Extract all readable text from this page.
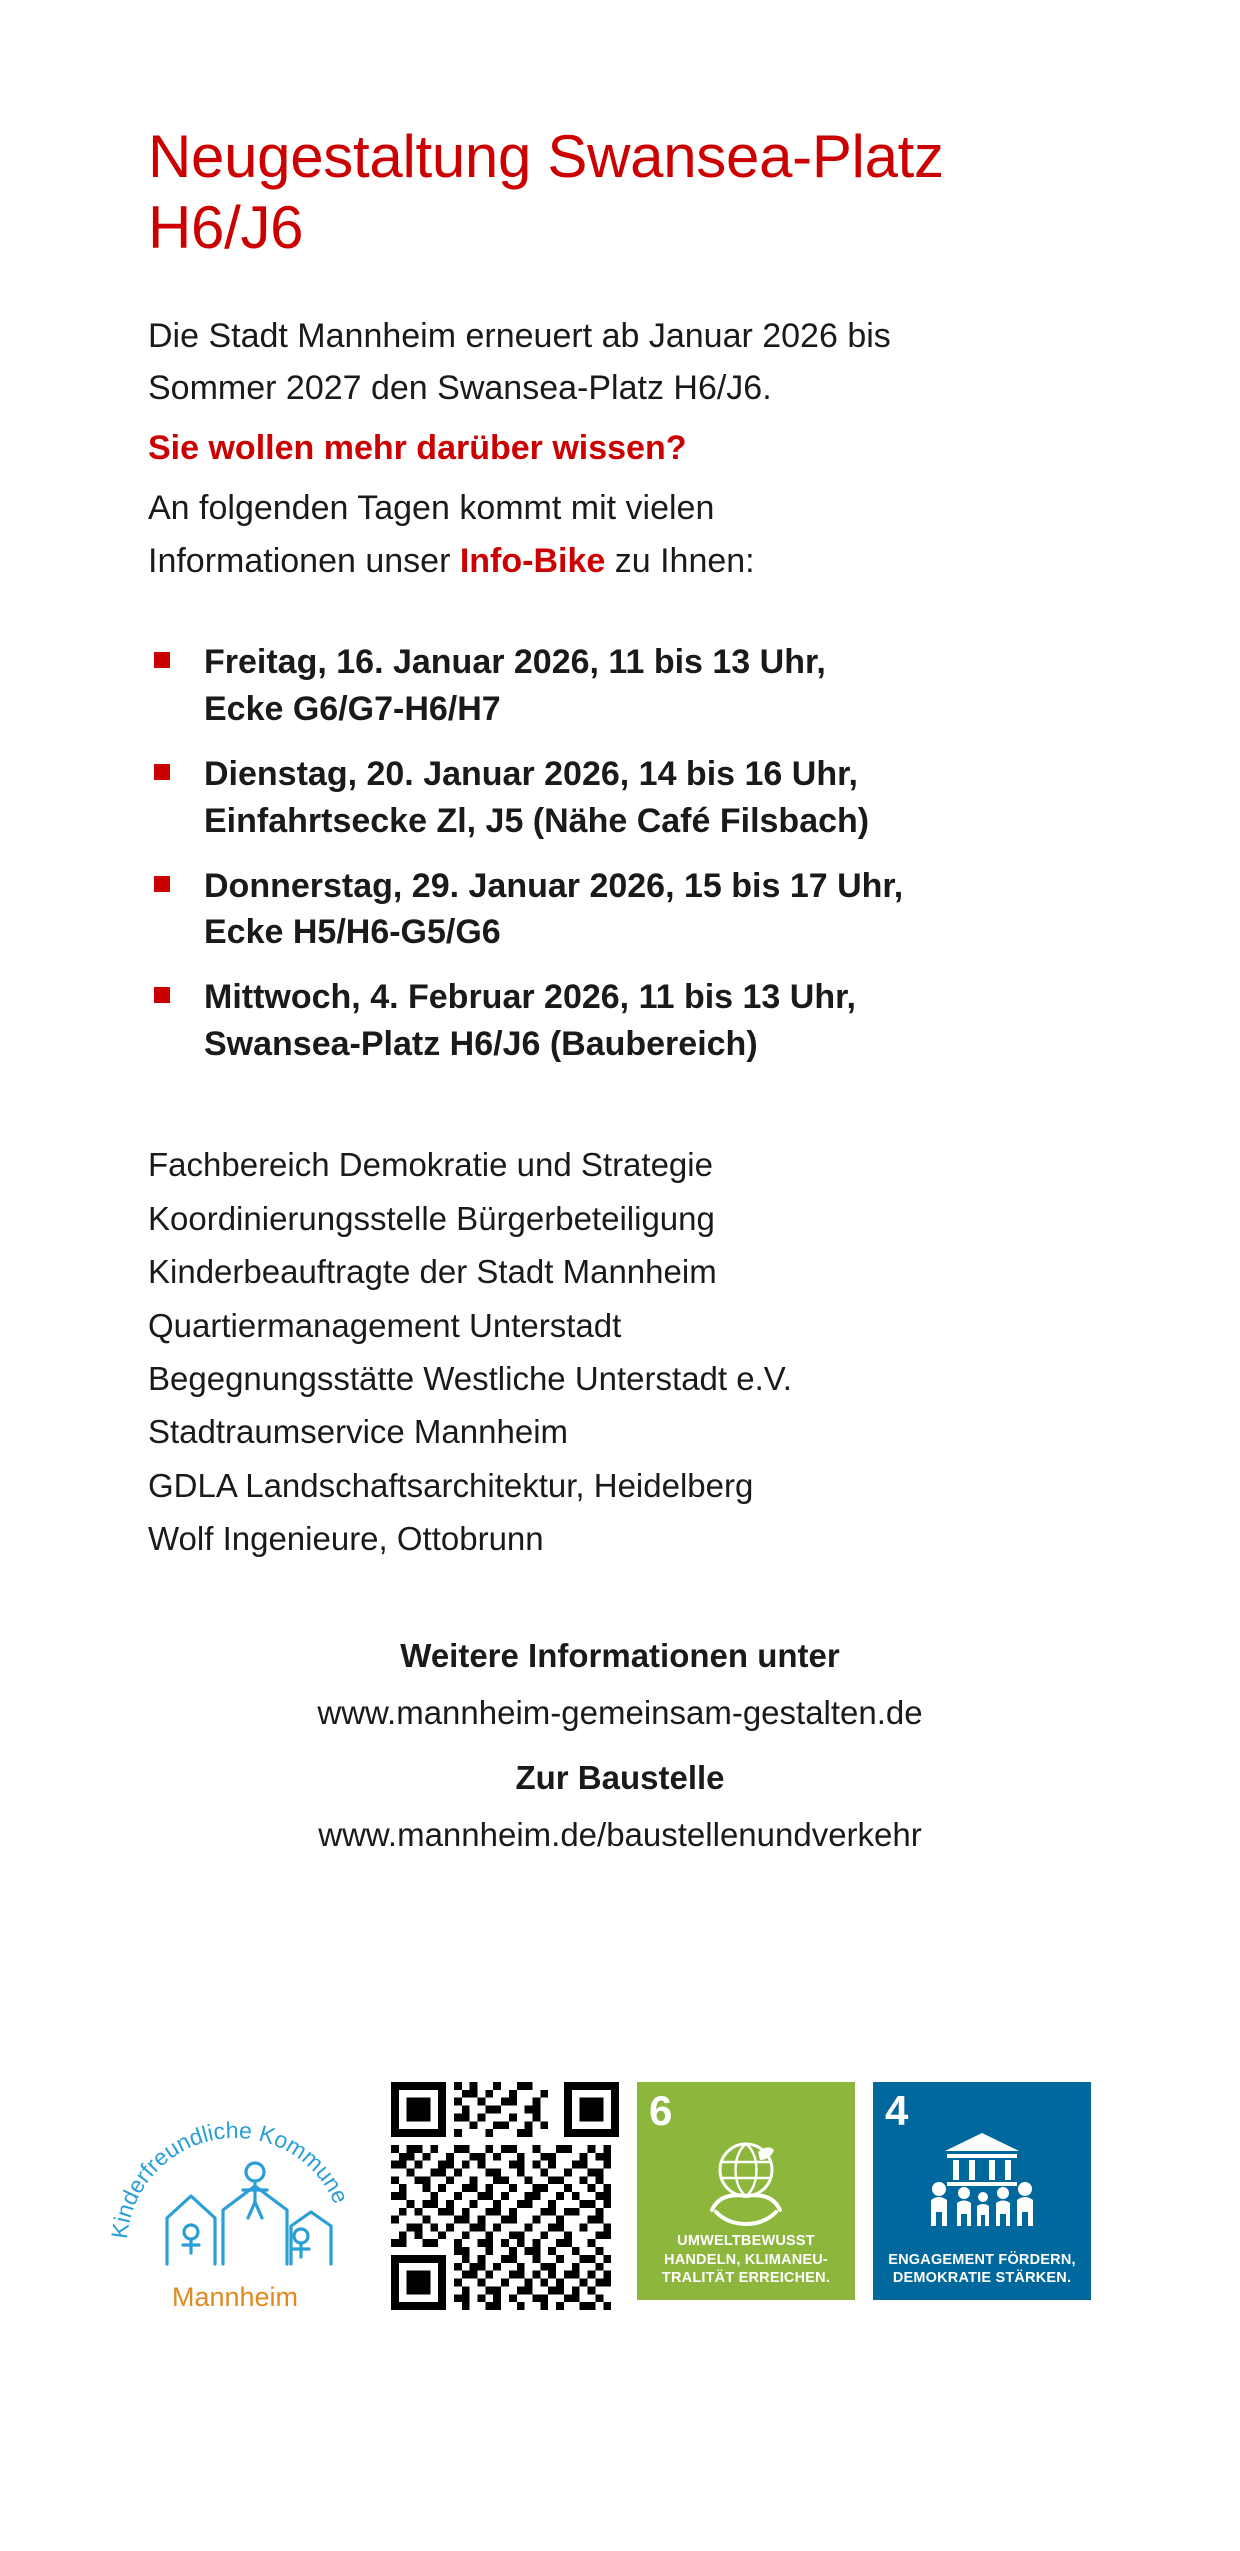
Neugestaltung Swansea-Platz
H6/J6

Die Stadt Mannheim erneuert ab Januar 2026 bis

Sommer 2027 den Swansea-Platz H6/J6.

Sie wollen mehr darüber wissen?

An folgenden Tagen kommt mit vielen

Informationen unser Info-Bike zu Ihnen:

Freitag, 16. Januar 2026, 11 bis 13 Uhr,
Ecke G6/G7-H6/H7
Dienstag, 20. Januar 2026, 14 bis 16 Uhr,
Einfahrtsecke Zl, J5 (Nähe Café Filsbach)
Donnerstag, 29. Januar 2026, 15 bis 17 Uhr,
Ecke H5/H6-G5/G6
Mittwoch, 4. Februar 2026, 11 bis 13 Uhr,
Swansea-Platz H6/J6 (Baubereich)
Fachbereich Demokratie und Strategie
Koordinierungsstelle Bürgerbeteiligung
Kinderbeauftragte der Stadt Mannheim
Quartiermanagement Unterstadt
Begegnungsstätte Westliche Unterstadt e.V.
Stadtraumservice Mannheim
GDLA Landschaftsarchitektur, Heidelberg
Wolf Ingenieure, Ottobrunn
Weitere Informationen unter
www.mannheim-gemeinsam-gestalten.de
Zur Baustelle
www.mannheim.de/baustellenundverkehr
Kinderfreundliche Kommune
Mannheim
6
UMWELTBEWUSST
HANDELN, KLIMANEU-
TRALITÄT ERREICHEN.
4
ENGAGEMENT FÖRDERN,
DEMOKRATIE STÄRKEN.
